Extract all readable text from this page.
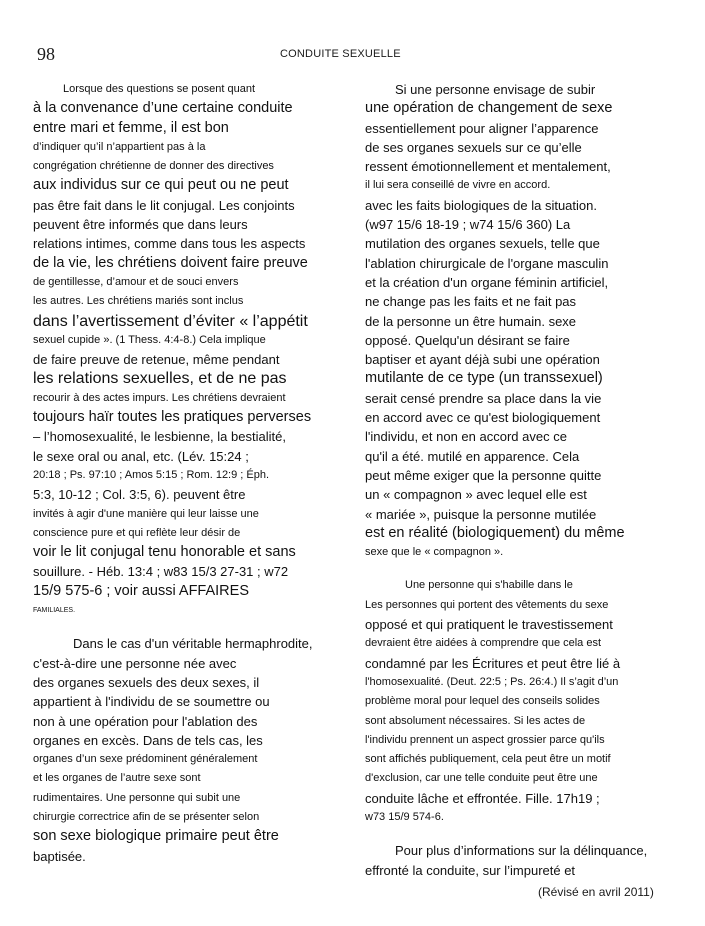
98	CONDUITE SEXUELLE
Lorsque des questions se posent quant
à la convenance d’une certaine conduite
entre mari et femme, il est bon
d’indiquer qu’il n’appartient pas à la
congrégation chrétienne de donner des directives
aux individus sur ce qui peut ou ne peut
pas être fait dans le lit conjugal. Les conjoints
peuvent être informés que dans leurs
relations intimes, comme dans tous les aspects
de la vie, les chrétiens doivent faire preuve
de gentillesse, d’amour et de souci envers
les autres. Les chrétiens mariés sont inclus
dans l’avertissement d’éviter « l’appétit
sexuel cupide ». (1 Thess. 4:4-8.) Cela implique
de faire preuve de retenue, même pendant
les relations sexuelles, et de ne pas
recourir à des actes impurs. Les chrétiens devraient
toujours haïr toutes les pratiques perverses
– l’homosexualité, le lesbienne, la bestialité,
le sexe oral ou anal, etc. (Lév. 15:24 ;
20:18 ; Ps. 97:10 ; Amos 5:15 ; Rom. 12:9 ; Éph.
5:3, 10-12 ; Col. 3:5, 6). peuvent être
invités à agir d'une manière qui leur laisse une
conscience pure et qui reflète leur désir de
voir le lit conjugal tenu honorable et sans
souillure. - Héb. 13:4 ; w83 15/3 27-31 ; w72
15/9 575-6 ; voir aussi AFFAIRES
FAMILIALES.
Dans le cas d'un véritable hermaphrodite,
c'est-à-dire une personne née avec
des organes sexuels des deux sexes, il
appartient à l'individu de se soumettre ou
non à une opération pour l'ablation des
organes en excès. Dans de tels cas, les
organes d’un sexe prédominent généralement
et les organes de l’autre sexe sont
rudimentaires. Une personne qui subit une
chirurgie correctrice afin de se présenter selon
son sexe biologique primaire peut être
baptisée.
Si une personne envisage de subir
une opération de changement de sexe
essentiellement pour aligner l’apparence
de ses organes sexuels sur ce qu’elle
ressent émotionnellement et mentalement,
il lui sera conseillé de vivre en accord.
avec les faits biologiques de la situation.
(w97 15/6 18-19 ; w74 15/6 360) La
mutilation des organes sexuels, telle que
l'ablation chirurgicale de l'organe masculin
et la création d'un organe féminin artificiel,
ne change pas les faits et ne fait pas
de la personne un être humain. sexe
opposé. Quelqu'un désirant se faire
baptiser et ayant déjà subi une opération
mutilante de ce type (un transsexuel)
serait censé prendre sa place dans la vie
en accord avec ce qu'est biologiquement
l'individu, et non en accord avec ce
qu'il a été. mutilé en apparence. Cela
peut même exiger que la personne quitte
un « compagnon » avec lequel elle est
« mariée », puisque la personne mutilée
est en réalité (biologiquement) du même
sexe que le « compagnon ».
Une personne qui s'habille dans le
Les personnes qui portent des vêtements du sexe
opposé et qui pratiquent le travestissement
devraient être aidées à comprendre que cela est
condamné par les Écritures et peut être lié à
l'homosexualité. (Deut. 22:5 ; Ps. 26:4.) Il s’agit d’un
problème moral pour lequel des conseils solides
sont absolument nécessaires. Si les actes de
l'individu prennent un aspect grossier parce qu'ils
sont affichés publiquement, cela peut être un motif
d'exclusion, car une telle conduite peut être une
conduite lâche et effrontée. Fille. 17h19 ;
w73 15/9 574-6.
Pour plus d’informations sur la délinquance,
effronté la conduite, sur l’impureté et
(Révisé en avril 2011)
